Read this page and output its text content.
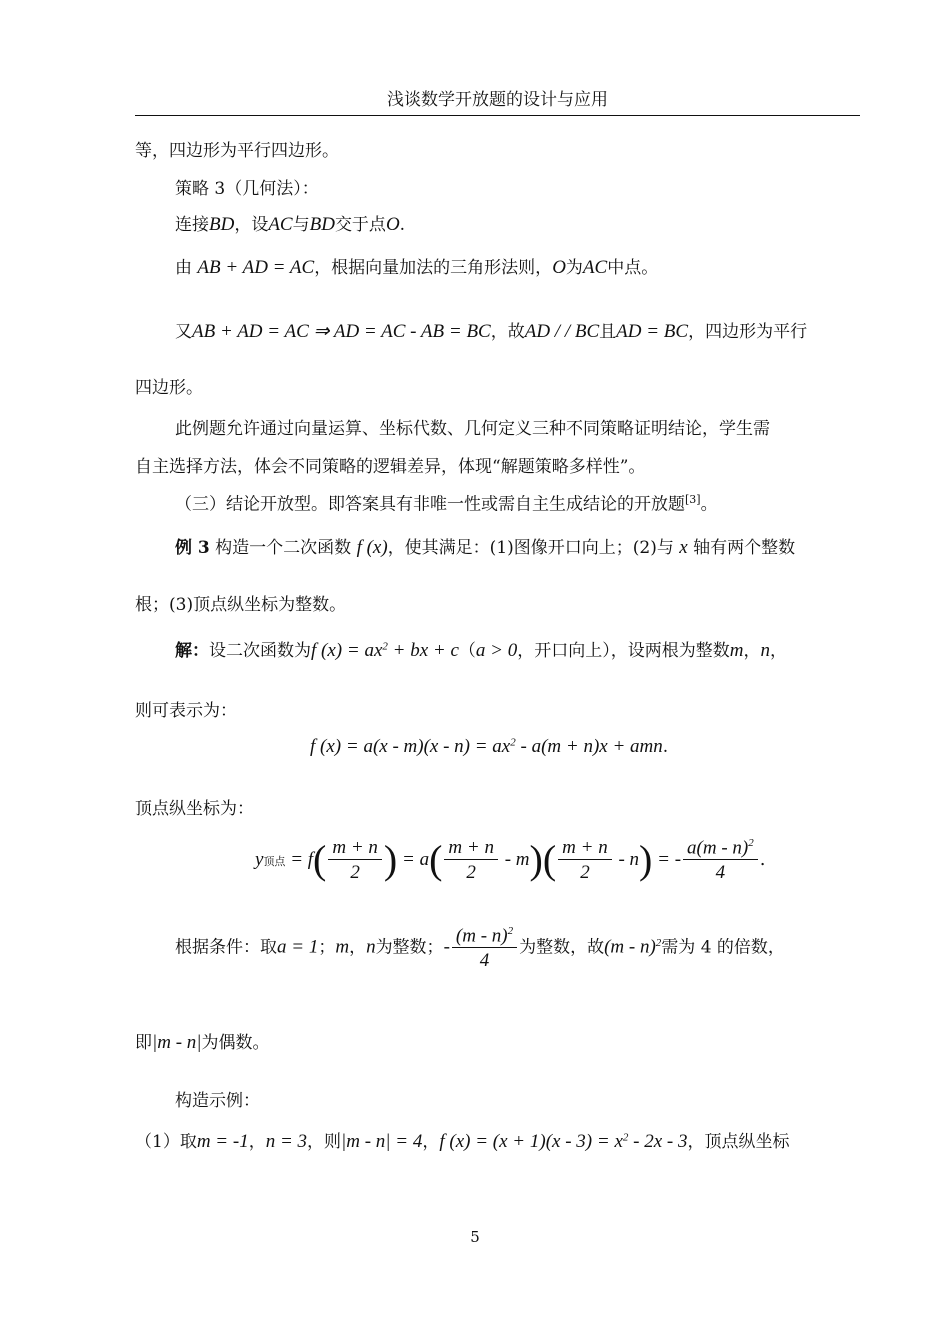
浅谈数学开放题的设计与应用
等，四边形为平行四边形。
策略 3（几何法）：
连接BD，设AC与BD交于点O.
由 AB + AD = AC，根据向量加法的三角形法则，O为AC中点。
又AB + AD = AC ⇒ AD = AC - AB = BC，故AD / / BC且AD = BC，四边形为平行
四边形。
此例题允许通过向量运算、坐标代数、几何定义三种不同策略证明结论，学生需
自主选择方法，体会不同策略的逻辑差异，体现“解题策略多样性”。
（三）结论开放型。即答案具有非唯一性或需自主生成结论的开放题[3]。
例 3 构造一个二次函数 f (x)，使其满足：(1)图像开口向上；(2)与 x 轴有两个整数
根；(3)顶点纵坐标为整数。
解：设二次函数为f $(x) = ax^2$ + bx + c（a > 0，开口向上），设两根为整数m，n，
则可表示为：
f $(x) = a(x - m)(x - n) = ax^2 - a(m + n)x$ + amn.
顶点纵坐标为：
y顶点 = $f( \frac{m + n}{2}$ ) = $a( \frac{m + n}{2} - m)( \frac{m + n}{2} - n)$ = - $\frac{a(m - n)^2}{4}$ .
根据条件：取a = 1；m，n为整数；- $\frac{(m - n)^2}{4}$ 为整数，故(m - n)$^2$需为 4 的倍数，
即|m - n|为偶数。
构造示例：
（1）取m = -1，n = 3，则|m - n| = 4，f $(x) = (x + 1)(x - 3) = x^2 - 2x - 3$，顶点纵坐标
5
